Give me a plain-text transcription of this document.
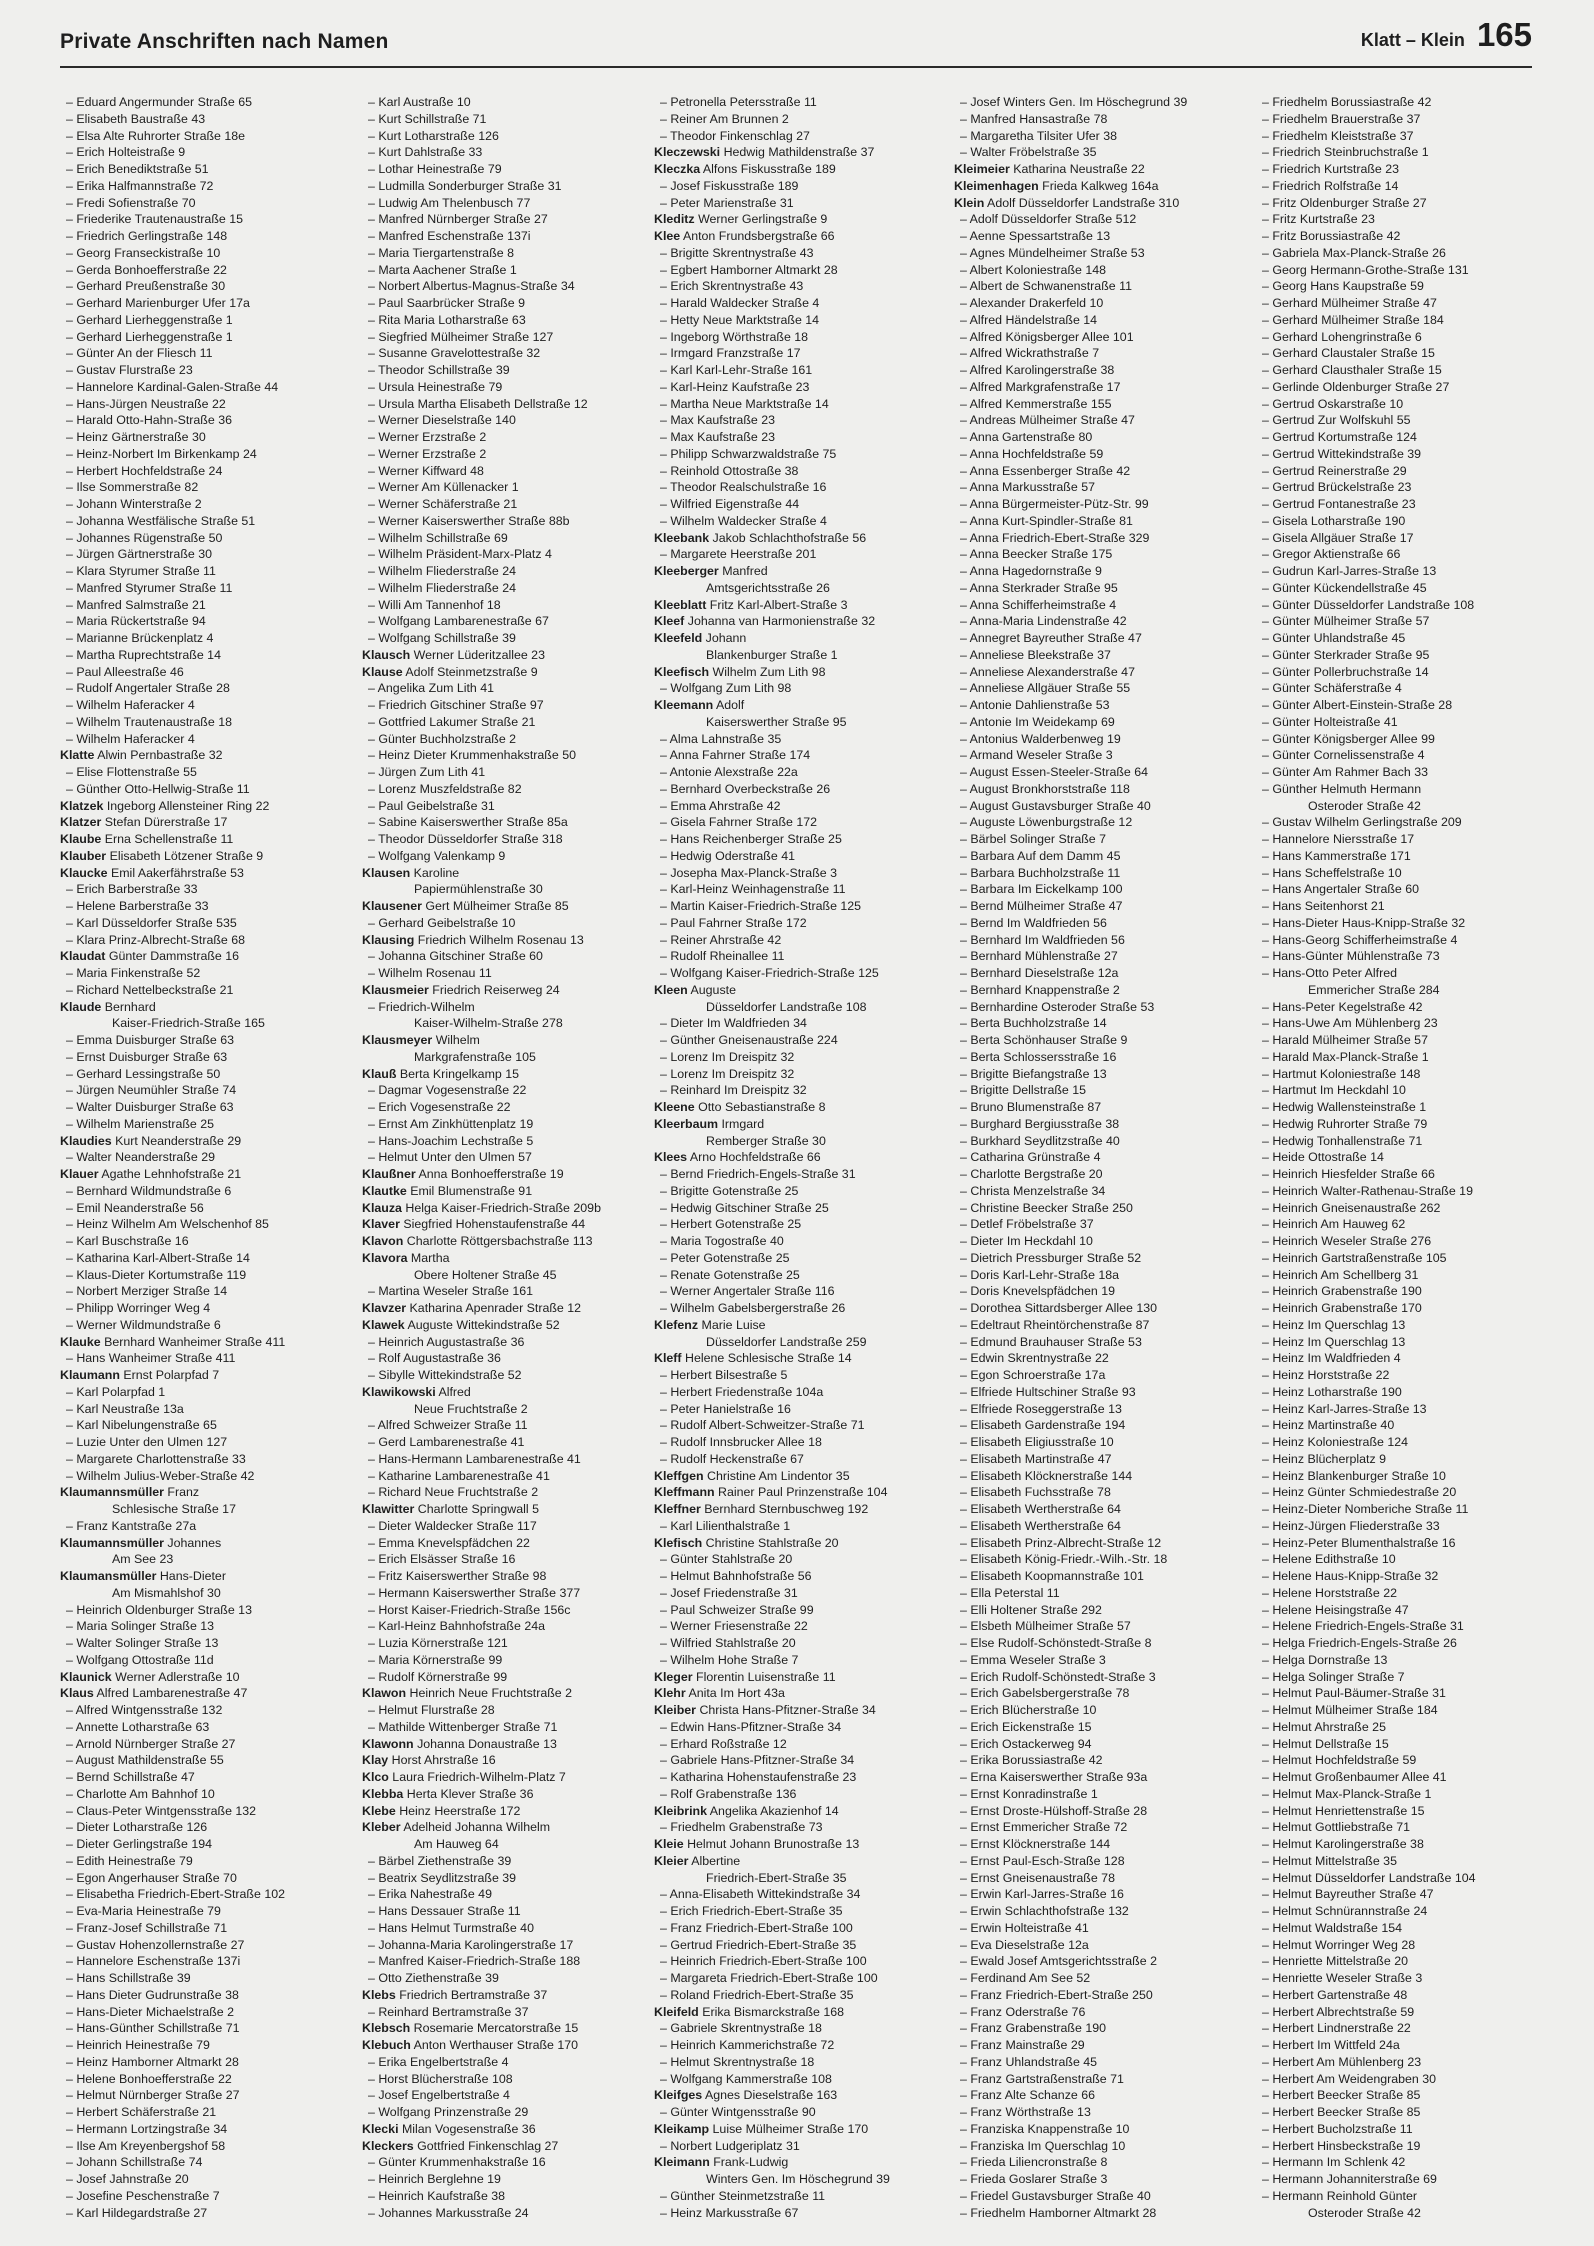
Private Anschriften nach Namen	Klatt – Klein 165
– Eduard Angermunder Straße 65
– Elisabeth Baustraße 43
– Elsa Alte Ruhrorter Straße 18e
– Erich Holteistraße 9
– Erich Benediktstraße 51
– Erika Halfmannstraße 72
– Fredi Sofienstraße 70
– Friederike Trautenaustraße 15
– Friedrich Gerlingstraße 148
– Georg Franseckistraße 10
– Gerda Bonhoefferstraße 22
– Gerhard Preußenstraße 30
– Gerhard Marienburger Ufer 17a
– Gerhard Lierheggenstraße 1
– Gerhard Lierheggenstraße 1
– Günter An der Fliesch 11
– Gustav Flurstraße 23
– Hannelore Kardinal-Galen-Straße 44
– Hans-Jürgen Neustraße 22
– Harald Otto-Hahn-Straße 36
– Heinz Gärtnerstraße 30
– Heinz-Norbert Im Birkenkamp 24
– Herbert Hochfeldstraße 24
– Ilse Sommerstraße 82
– Johann Winterstraße 2
– Johanna Westfälische Straße 51
– Johannes Rügenstraße 50
– Jürgen Gärtnerstraße 30
– Klara Styrumer Straße 11
– Manfred Styrumer Straße 11
– Manfred Salmstraße 21
– Maria Rückertstraße 94
– Marianne Brückenplatz 4
– Martha Ruprechtstraße 14
– Paul Alleestraße 46
– Rudolf Angertaler Straße 28
– Wilhelm Haferacker 4
– Wilhelm Trautenaustraße 18
– Wilhelm Haferacker 4
Klatte Alwin Pernbastraße 32
– Elise Flottenstraße 55
– Günther Otto-Hellwig-Straße 11
Klatzek Ingeborg Allensteiner Ring 22
Klatzer Stefan Dürerstraße 17
Klaube Erna Schellenstraße 11
Klauber Elisabeth Lötzener Straße 9
Klaucke Emil Aakerfährstraße 53
– Erich Barberstraße 33
– Helene Barberstraße 33
– Karl Düsseldorfer Straße 535
– Klara Prinz-Albrecht-Straße 68
Klaudat Günter Dammstraße 16
– Maria Finkenstraße 52
– Richard Nettelbeckstraße 21
Klaude Bernhard
Kaiser-Friedrich-Straße 165
– Emma Duisburger Straße 63
– Ernst Duisburger Straße 63
– Gerhard Lessingstraße 50
– Jürgen Neumühler Straße 74
– Walter Duisburger Straße 63
– Wilhelm Marienstraße 25
Klaudies Kurt Neanderstraße 29
– Walter Neanderstraße 29
Klauer Agathe Lehnhofstraße 21
– Bernhard Wildmundstraße 6
– Emil Neanderstraße 56
– Heinz Wilhelm Am Welschenhof 85
– Karl Buschstraße 16
– Katharina Karl-Albert-Straße 14
– Klaus-Dieter Kortumstraße 119
– Norbert Merziger Straße 14
– Philipp Worringer Weg 4
– Werner Wildmundstraße 6
Klauke Bernhard Wanheimer Straße 411
– Hans Wanheimer Straße 411
Klaumann Ernst Polarpfad 7
– Karl Polarpfad 1
– Karl Neustraße 13a
– Karl Nibelungenstraße 65
– Luzie Unter den Ulmen 127
– Margarete Charlottenstraße 33
– Wilhelm Julius-Weber-Straße 42
Klaumannsmüller Franz
Schlesische Straße 17
– Franz Kantstraße 27a
Klaumannsmüller Johannes
Am See 23
Klaumansmüller Hans-Dieter
Am Mismahlshof 30
– Heinrich Oldenburger Straße 13
– Maria Solinger Straße 13
– Walter Solinger Straße 13
– Wolfgang Ottostraße 11d
Klaunick Werner Adlerstraße 10
Klaus Alfred Lambarenestraße 47
– Alfred Wintgensstraße 132
– Annette Lotharstraße 63
– Arnold Nürnberger Straße 27
– August Mathildenstraße 55
– Bernd Schillstraße 47
– Charlotte Am Bahnhof 10
– Claus-Peter Wintgensstraße 132
– Dieter Lotharstraße 126
– Dieter Gerlingstraße 194
– Edith Heinestraße 79
– Egon Angerhauser Straße 70
– Elisabetha Friedrich-Ebert-Straße 102
– Eva-Maria Heinestraße 79
– Franz-Josef Schillstraße 71
– Gustav Hohenzollernstraße 27
– Hannelore Eschenstraße 137i
– Hans Schillstraße 39
– Hans Dieter Gudrunstraße 38
– Hans-Dieter Michaelstraße 2
– Hans-Günther Schillstraße 71
– Heinrich Heinestraße 79
– Heinz Hamborner Altmarkt 28
– Helene Bonhoefferstraße 22
– Helmut Nürnberger Straße 27
– Herbert Schäferstraße 21
– Hermann Lortzingstraße 34
– Ilse Am Kreyenbergshof 58
– Johann Schillstraße 74
– Josef Jahnstraße 20
– Josefine Peschenstraße 7
– Karl Hildegardstraße 27
– Karl Austraße 10
– Kurt Schillstraße 71
– Kurt Lotharstraße 126
– Kurt Dahlstraße 33
– Lothar Heinestraße 79
– Ludmilla Sonderburger Straße 31
– Ludwig Am Thelenbusch 77
– Manfred Nürnberger Straße 27
– Manfred Eschenstraße 137i
– Maria Tiergartenstraße 8
– Marta Aachener Straße 1
– Norbert Albertus-Magnus-Straße 34
– Paul Saarbrücker Straße 9
– Rita Maria Lotharstraße 63
– Siegfried Mülheimer Straße 127
– Susanne Gravelottestraße 32
– Theodor Schillstraße 39
– Ursula Heinestraße 79
– Ursula Martha Elisabeth Dellstraße 12
– Werner Dieselstraße 140
– Werner Erzstraße 2
– Werner Erzstraße 2
– Werner Kiffward 48
– Werner Am Küllenacker 1
– Werner Schäferstraße 21
– Werner Kaiserswerther Straße 88b
– Wilhelm Schillstraße 69
– Wilhelm Präsident-Marx-Platz 4
– Wilhelm Fliederstraße 24
– Wilhelm Fliederstraße 24
– Willi Am Tannenhof 18
– Wolfgang Lambarenestraße 67
– Wolfgang Schillstraße 39
Klausch Werner Lüderitzallee 23
Klause Adolf Steinmetzstraße 9
– Angelika Zum Lith 41
– Friedrich Gitschiner Straße 97
– Gottfried Lakumer Straße 21
– Günter Buchholzstraße 2
– Heinz Dieter Krummenhakstraße 50
– Jürgen Zum Lith 41
– Lorenz Muszfeldstraße 82
– Paul Geibelstraße 31
– Sabine Kaiserswerther Straße 85a
– Theodor Düsseldorfer Straße 318
– Wolfgang Valenkamp 9
Klausen Karoline
Papiermühlenstraße 30
Klausener Gert Mülheimer Straße 85
– Gerhard Geibelstraße 10
Klausing Friedrich Wilhelm Rosenau 13
– Johanna Gitschiner Straße 60
– Wilhelm Rosenau 11
Klausmeier Friedrich Reiserweg 24
– Friedrich-Wilhelm
Kaiser-Wilhelm-Straße 278
Klausmeyer Wilhelm
Markgrafenstraße 105
Klauß Berta Kringelkamp 15
– Dagmar Vogesenstraße 22
– Erich Vogesenstraße 22
– Ernst Am Zinkhüttenplatz 19
– Hans-Joachim Lechstraße 5
– Helmut Unter den Ulmen 57
Klaußner Anna Bonhoefferstraße 19
Klautke Emil Blumenstraße 91
Klauza Helga Kaiser-Friedrich-Straße 209b
Klaver Siegfried Hohenstaufenstraße 44
Klavon Charlotte Röttgersbachstraße 113
Klavora Martha
Obere Holtener Straße 45
– Martina Weseler Straße 161
Klavzer Katharina Apenrader Straße 12
Klawek Auguste Wittekindstraße 52
– Heinrich Augustastraße 36
– Rolf Augustastraße 36
– Sibylle Wittekindstraße 52
Klawikowski Alfred
Neue Fruchtstraße 2
– Alfred Schweizer Straße 11
– Gerd Lambarenestraße 41
– Hans-Hermann Lambarenestraße 41
– Katharine Lambarenestraße 41
– Richard Neue Fruchtstraße 2
Klawitter Charlotte Springwall 5
– Dieter Waldecker Straße 117
– Emma Knevelspfädchen 22
– Erich Elsässer Straße 16
– Fritz Kaiserswerther Straße 98
– Hermann Kaiserswerther Straße 377
– Horst Kaiser-Friedrich-Straße 156c
– Karl-Heinz Bahnhofstraße 24a
– Luzia Körnerstraße 121
– Maria Körnerstraße 99
– Rudolf Körnerstraße 99
Klawon Heinrich Neue Fruchtstraße 2
– Helmut Flurstraße 28
– Mathilde Wittenberger Straße 71
Klawonn Johanna Donaustraße 13
Klay Horst Ahrstraße 16
Klco Laura Friedrich-Wilhelm-Platz 7
Klebba Herta Klever Straße 36
Klebe Heinz Heerstraße 172
Kleber Adelheid Johanna Wilhelm
Am Hauweg 64
– Bärbel Ziethenstraße 39
– Beatrix Seydlitzstraße 39
– Erika Nahestraße 49
– Hans Dessauer Straße 11
– Hans Helmut Turmstraße 40
– Johanna-Maria Karolingerstraße 17
– Manfred Kaiser-Friedrich-Straße 188
– Otto Ziethenstraße 39
Klebs Friedrich Bertramstraße 37
– Reinhard Bertramstraße 37
Klebsch Rosemarie Mercatorstraße 15
Klebuch Anton Werthauser Straße 170
– Erika Engelbertstraße 4
– Horst Blücherstraße 108
– Josef Engelbertstraße 4
– Wolfgang Prinzenstraße 29
Klecki Milan Vogesenstraße 36
Kleckers Gottfried Finkenschlag 27
– Günter Krummenhakstraße 16
– Heinrich Berglehne 19
– Heinrich Kaufstraße 38
– Johannes Markusstraße 24
– Petronella Petersstraße 11
– Reiner Am Brunnen 2
– Theodor Finkenschlag 27
Kleczewski Hedwig Mathildenstraße 37
Kleczka Alfons Fiskusstraße 189
– Josef Fiskusstraße 189
– Peter Marienstraße 31
Kleditz Werner Gerlingstraße 9
Klee Anton Frundsbergstraße 66
– Brigitte Skrentnystraße 43
– Egbert Hamborner Altmarkt 28
– Erich Skrentnystraße 43
– Harald Waldecker Straße 4
– Hetty Neue Marktstraße 14
– Ingeborg Wörthstraße 18
– Irmgard Franzstraße 17
– Karl Karl-Lehr-Straße 161
– Karl-Heinz Kaufstraße 23
– Martha Neue Marktstraße 14
– Max Kaufstraße 23
– Max Kaufstraße 23
– Philipp Schwarzwaldstraße 75
– Reinhold Ottostraße 38
– Theodor Realschulstraße 16
– Wilfried Eigenstraße 44
– Wilhelm Waldecker Straße 4
Kleebank Jakob Schlachthofstraße 56
– Margarete Heerstraße 201
Kleeberger Manfred
Amtsgerichtsstraße 26
Kleeblatt Fritz Karl-Albert-Straße 3
Kleef Johanna van Harmonienstraße 32
Kleefeld Johann
Blankenburger Straße 1
Kleefisch Wilhelm Zum Lith 98
– Wolfgang Zum Lith 98
Kleemann Adolf
Kaiserswerther Straße 95
– Alma Lahnstraße 35
– Anna Fahrner Straße 174
– Antonie Alexstraße 22a
– Bernhard Overbeckstraße 26
– Emma Ahrstraße 42
– Gisela Fahrner Straße 172
– Hans Reichenberger Straße 25
– Hedwig Oderstraße 41
– Josepha Max-Planck-Straße 3
– Karl-Heinz Weinhagenstraße 11
– Martin Kaiser-Friedrich-Straße 125
– Paul Fahrner Straße 172
– Reiner Ahrstraße 42
– Rudolf Rheinallee 11
– Wolfgang Kaiser-Friedrich-Straße 125
Kleen Auguste
Düsseldorfer Landstraße 108
– Dieter Im Waldfrieden 34
– Günther Gneisenaustraße 224
– Lorenz Im Dreispitz 32
– Lorenz Im Dreispitz 32
– Reinhard Im Dreispitz 32
Kleene Otto Sebastianstraße 8
Kleerbaum Irmgard
Remberger Straße 30
Klees Arno Hochfeldstraße 66
– Bernd Friedrich-Engels-Straße 31
– Brigitte Gotenstraße 25
– Hedwig Gitschiner Straße 25
– Herbert Gotenstraße 25
– Maria Togostraße 40
– Peter Gotenstraße 25
– Renate Gotenstraße 25
– Werner Angertaler Straße 116
– Wilhelm Gabelsbergerstraße 26
Klefenz Marie Luise
Düsseldorfer Landstraße 259
Kleff Helene Schlesische Straße 14
– Herbert Bilsestraße 5
– Herbert Friedenstraße 104a
– Peter Hanielstraße 16
– Rudolf Albert-Schweitzer-Straße 71
– Rudolf Innsbrucker Allee 18
– Rudolf Heckenstraße 67
Kleffgen Christine Am Lindentor 35
Kleffmann Rainer Paul Prinzenstraße 104
Kleffner Bernhard Sternbuschweg 192
– Karl Lilienthalstraße 1
Klefisch Christine Stahlstraße 20
– Günter Stahlstraße 20
– Helmut Bahnhofstraße 56
– Josef Friedenstraße 31
– Paul Schweizer Straße 99
– Werner Friesenstraße 22
– Wilfried Stahlstraße 20
– Wilhelm Hohe Straße 7
Kleger Florentin Luisenstraße 11
Klehr Anita Im Hort 43a
Kleiber Christa Hans-Pfitzner-Straße 34
– Edwin Hans-Pfitzner-Straße 34
– Erhard Roßstraße 12
– Gabriele Hans-Pfitzner-Straße 34
– Katharina Hohenstaufenstraße 23
– Rolf Grabenstraße 136
Kleibrink Angelika Akazienhof 14
– Friedhelm Grabenstraße 73
Kleie Helmut Johann Brunostraße 13
Kleier Albertine
Friedrich-Ebert-Straße 35
– Anna-Elisabeth Wittekindstraße 34
– Erich Friedrich-Ebert-Straße 35
– Franz Friedrich-Ebert-Straße 100
– Gertrud Friedrich-Ebert-Straße 35
– Heinrich Friedrich-Ebert-Straße 100
– Margareta Friedrich-Ebert-Straße 100
– Roland Friedrich-Ebert-Straße 35
Kleifeld Erika Bismarckstraße 168
– Gabriele Skrentnystraße 18
– Heinrich Kammerichstraße 72
– Helmut Skrentnystraße 18
– Wolfgang Kammerstraße 108
Kleifges Agnes Dieselstraße 163
– Günter Wintgensstraße 90
Kleikamp Luise Mülheimer Straße 170
– Norbert Ludgeriplatz 31
Kleimann Frank-Ludwig
Winters Gen. Im Höschegrund 39
– Günther Steinmetzstraße 11
– Heinz Markusstraße 67
– Josef Winters Gen. Im Höschegrund 39
– Manfred Hansastraße 78
– Margaretha Tilsiter Ufer 38
– Walter Fröbelstraße 35
Kleimeier Katharina Neustraße 22
Kleimenhagen Frieda Kalkweg 164a
Klein Adolf Düsseldorfer Landstraße 310
– Adolf Düsseldorfer Straße 512
– Aenne Spessartstraße 13
– Agnes Mündelheimer Straße 53
– Albert Koloniestraße 148
– Albert de Schwanenstraße 11
– Alexander Drakerfeld 10
– Alfred Händelstraße 14
– Alfred Königsberger Allee 101
– Alfred Wickrathstraße 7
– Alfred Karolingerstraße 38
– Alfred Markgrafenstraße 17
– Alfred Kemmerstraße 155
– Andreas Mülheimer Straße 47
– Anna Gartenstraße 80
– Anna Hochfeldstraße 59
– Anna Essenberger Straße 42
– Anna Markusstraße 57
– Anna Bürgermeister-Pütz-Str. 99
– Anna Kurt-Spindler-Straße 81
– Anna Friedrich-Ebert-Straße 329
– Anna Beecker Straße 175
– Anna Hagedornstraße 9
– Anna Sterkrader Straße 95
– Anna Schifferheimstraße 4
– Anna-Maria Lindenstraße 42
– Annegret Bayreuther Straße 47
– Anneliese Bleekstraße 37
– Anneliese Alexanderstraße 47
– Anneliese Allgäuer Straße 55
– Antonie Dahlienstraße 53
– Antonie Im Weidekamp 69
– Antonius Walderbenweg 19
– Armand Weseler Straße 3
– August Essen-Steeler-Straße 64
– August Bronkhorststraße 118
– August Gustavsburger Straße 40
– Auguste Löwenburgstraße 12
– Bärbel Solinger Straße 7
– Barbara Auf dem Damm 45
– Barbara Buchholzstraße 11
– Barbara Im Eickelkamp 100
– Bernd Mülheimer Straße 47
– Bernd Im Waldfrieden 56
– Bernhard Im Waldfrieden 56
– Bernhard Mühlenstraße 27
– Bernhard Dieselstraße 12a
– Bernhard Knappenstraße 2
– Bernhardine Osteroder Straße 53
– Berta Buchholzstraße 14
– Berta Schönhauser Straße 9
– Berta Schlossersstraße 16
– Brigitte Biefangstraße 13
– Brigitte Dellstraße 15
– Bruno Blumenstraße 87
– Burghard Bergiusstraße 38
– Burkhard Seydlitzstraße 40
– Catharina Grünstraße 4
– Charlotte Bergstraße 20
– Christa Menzelstraße 34
– Christine Beecker Straße 250
– Detlef Fröbelstraße 37
– Dieter Im Heckdahl 10
– Dietrich Pressburger Straße 52
– Doris Karl-Lehr-Straße 18a
– Doris Knevelspfädchen 19
– Dorothea Sittardsberger Allee 130
– Edeltraut Rheintörchenstraße 87
– Edmund Brauhauser Straße 53
– Edwin Skrentnystraße 22
– Egon Schroerstraße 17a
– Elfriede Hultschiner Straße 93
– Elfriede Roseggerstraße 13
– Elisabeth Gardenstraße 194
– Elisabeth Eligiusstraße 10
– Elisabeth Martinstraße 47
– Elisabeth Klöcknerstraße 144
– Elisabeth Fuchsstraße 78
– Elisabeth Wertherstraße 64
– Elisabeth Wertherstraße 64
– Elisabeth Prinz-Albrecht-Straße 12
– Elisabeth König-Friedr.-Wilh.-Str. 18
– Elisabeth Koopmannstraße 101
– Ella Peterstal 11
– Elli Holtener Straße 292
– Elsbeth Mülheimer Straße 57
– Else Rudolf-Schönstedt-Straße 8
– Emma Weseler Straße 3
– Erich Rudolf-Schönstedt-Straße 3
– Erich Gabelsbergerstraße 78
– Erich Blücherstraße 10
– Erich Eickenstraße 15
– Erich Ostackerweg 94
– Erika Borussiastraße 42
– Erna Kaiserswerther Straße 93a
– Ernst Konradinstraße 1
– Ernst Droste-Hülshoff-Straße 28
– Ernst Emmericher Straße 72
– Ernst Klöcknerstraße 144
– Ernst Paul-Esch-Straße 128
– Ernst Gneisenaustraße 78
– Erwin Karl-Jarres-Straße 16
– Erwin Schlachthofstraße 132
– Erwin Holteistraße 41
– Eva Dieselstraße 12a
– Ewald Josef Amtsgerichtsstraße 2
– Ferdinand Am See 52
– Franz Friedrich-Ebert-Straße 250
– Franz Oderstraße 76
– Franz Grabenstraße 190
– Franz Mainstraße 29
– Franz Uhlandstraße 45
– Franz Gartstraßenstraße 71
– Franz Alte Schanze 66
– Franz Wörthstraße 13
– Franziska Knappenstraße 10
– Franziska Im Querschlag 10
– Frieda Liliencronstraße 8
– Frieda Goslarer Straße 3
– Friedel Gustavsburger Straße 40
– Friedhelm Hamborner Altmarkt 28
– Friedhelm Borussiastraße 42
– Friedhelm Brauerstraße 37
– Friedhelm Kleiststraße 37
– Friedrich Steinbruchstraße 1
– Friedrich Kurtstraße 23
– Friedrich Rolfstraße 14
– Fritz Oldenburger Straße 27
– Fritz Kurtstraße 23
– Fritz Borussiastraße 42
– Gabriela Max-Planck-Straße 26
– Georg Hermann-Grothe-Straße 131
– Georg Hans Kaupstraße 59
– Gerhard Mülheimer Straße 47
– Gerhard Mülheimer Straße 184
– Gerhard Lohengrinstraße 6
– Gerhard Claustaler Straße 15
– Gerhard Clausthaler Straße 15
– Gerlinde Oldenburger Straße 27
– Gertrud Oskarstraße 10
– Gertrud Zur Wolfskuhl 55
– Gertrud Kortumstraße 124
– Gertrud Wittekindstraße 39
– Gertrud Reinerstraße 29
– Gertrud Brückelstraße 23
– Gertrud Fontanestraße 23
– Gisela Lotharstraße 190
– Gisela Allgäuer Straße 17
– Gregor Aktienstraße 66
– Gudrun Karl-Jarres-Straße 13
– Günter Kückendellstraße 45
– Günter Düsseldorfer Landstraße 108
– Günter Mülheimer Straße 57
– Günter Uhlandstraße 45
– Günter Sterkrader Straße 95
– Günter Pollerbruchstraße 14
– Günter Schäferstraße 4
– Günter Albert-Einstein-Straße 28
– Günter Holteistraße 41
– Günter Königsberger Allee 99
– Günter Cornelissenstraße 4
– Günter Am Rahmer Bach 33
– Günther Helmuth Hermann
Osteroder Straße 42
– Gustav Wilhelm Gerlingstraße 209
– Hannelore Niersstraße 17
– Hans Kammerstraße 171
– Hans Scheffelstraße 10
– Hans Angertaler Straße 60
– Hans Seitenhorst 21
– Hans-Dieter Haus-Knipp-Straße 32
– Hans-Georg Schifferheimstraße 4
– Hans-Günter Mühlenstraße 73
– Hans-Otto Peter Alfred
Emmericher Straße 284
– Hans-Peter Kegelstraße 42
– Hans-Uwe Am Mühlenberg 23
– Harald Mülheimer Straße 57
– Harald Max-Planck-Straße 1
– Hartmut Koloniestraße 148
– Hartmut Im Heckdahl 10
– Hedwig Wallensteinstraße 1
– Hedwig Ruhrorter Straße 79
– Hedwig Tonhallenstraße 71
– Heide Ottostraße 14
– Heinrich Hiesfelder Straße 66
– Heinrich Walter-Rathenau-Straße 19
– Heinrich Gneisenaustraße 262
– Heinrich Am Hauweg 62
– Heinrich Weseler Straße 276
– Heinrich Gartstraßenstraße 105
– Heinrich Am Schellberg 31
– Heinrich Grabenstraße 190
– Heinrich Grabenstraße 170
– Heinz Im Querschlag 13
– Heinz Im Querschlag 13
– Heinz Im Waldfrieden 4
– Heinz Horststraße 22
– Heinz Lotharstraße 190
– Heinz Karl-Jarres-Straße 13
– Heinz Martinstraße 40
– Heinz Koloniestraße 124
– Heinz Blücherplatz 9
– Heinz Blankenburger Straße 10
– Heinz Günter Schmiedestraße 20
– Heinz-Dieter Nomberiche Straße 11
– Heinz-Jürgen Fliederstraße 33
– Heinz-Peter Blumenthalstraße 16
– Helene Edithstraße 10
– Helene Haus-Knipp-Straße 32
– Helene Horststraße 22
– Helene Heisingstraße 47
– Helene Friedrich-Engels-Straße 31
– Helga Friedrich-Engels-Straße 26
– Helga Dornstraße 13
– Helga Solinger Straße 7
– Helmut Paul-Bäumer-Straße 31
– Helmut Mülheimer Straße 184
– Helmut Ahrstraße 25
– Helmut Dellstraße 15
– Helmut Hochfeldstraße 59
– Helmut Großenbaumer Allee 41
– Helmut Max-Planck-Straße 1
– Helmut Henriettenstraße 15
– Helmut Gottliebstraße 71
– Helmut Karolingerstraße 38
– Helmut Mittelstraße 35
– Helmut Düsseldorfer Landstraße 104
– Helmut Bayreuther Straße 47
– Helmut Schnürannstraße 24
– Helmut Waldstraße 154
– Helmut Worringer Weg 28
– Henriette Mittelstraße 20
– Henriette Weseler Straße 3
– Herbert Gartenstraße 48
– Herbert Albrechtstraße 59
– Herbert Lindnerstraße 22
– Herbert Im Wittfeld 24a
– Herbert Am Mühlenberg 23
– Herbert Am Weidengraben 30
– Herbert Beecker Straße 85
– Herbert Beecker Straße 85
– Herbert Bucholzstraße 11
– Herbert Hinsbeckstraße 19
– Hermann Im Schlenk 42
– Hermann Johanniterstraße 69
– Hermann Reinhold Günter
Osteroder Straße 42
